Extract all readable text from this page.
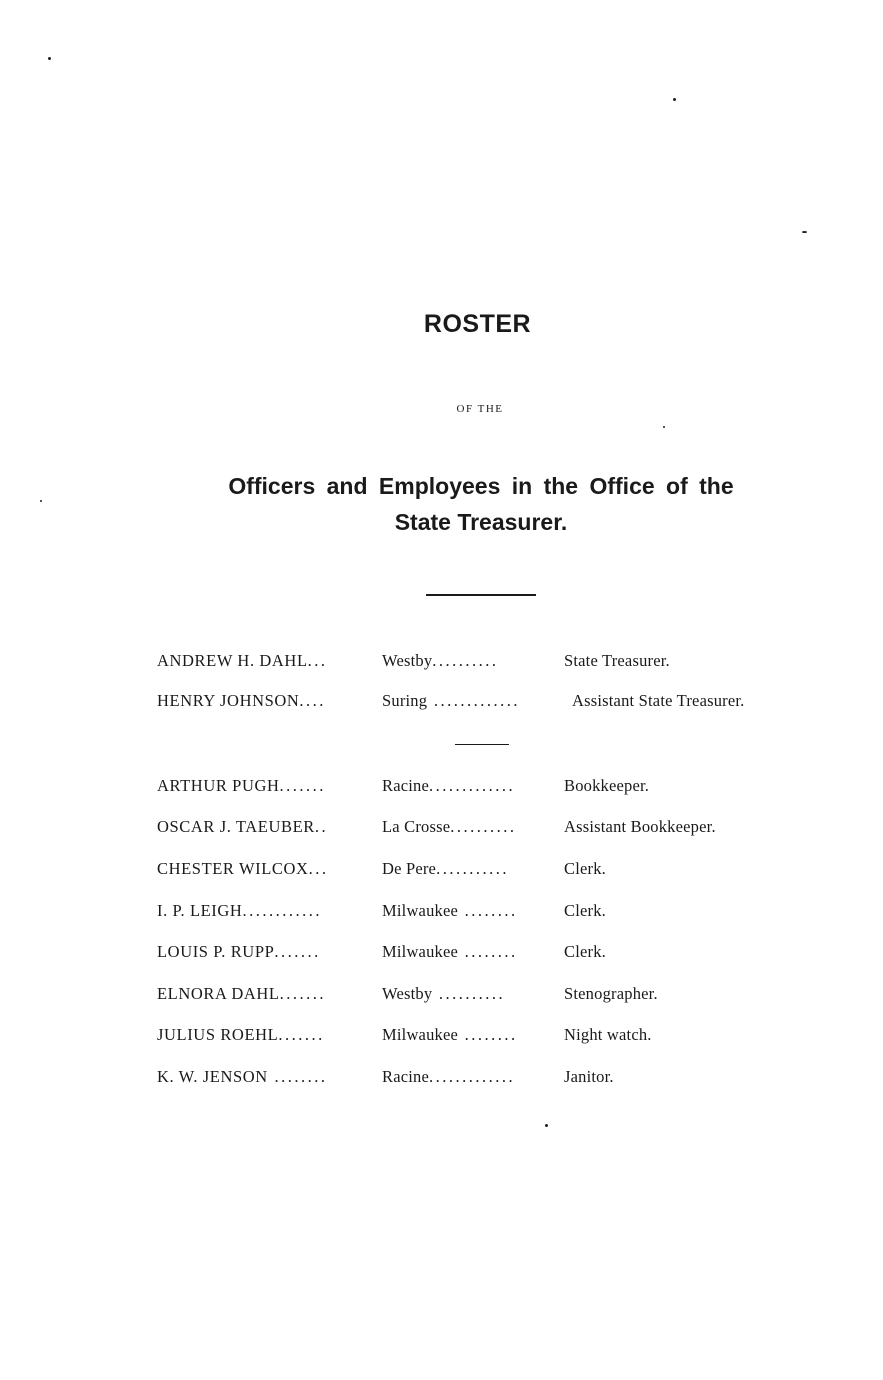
ROSTER
OF THE
Officers and Employees in the Office of the
State Treasurer.
ANDREW H. DAHL...	Westby..........	State Treasurer.
HENRY JOHNSON....	Suring .............	Assistant State Treasurer.
ARTHUR PUGH.......	Racine.............	Bookkeeper.
OSCAR J. TAEUBER..	La Crosse..........	Assistant Bookkeeper.
CHESTER WILCOX...	De Pere...........	Clerk.
I. P. LEIGH............	Milwaukee ........	Clerk.
LOUIS P. RUPP.......	Milwaukee ........	Clerk.
ELNORA DAHL.......	Westby ..........	Stenographer.
JULIUS ROEHL.......	Milwaukee ........	Night watch.
K. W. JENSON ........	Racine.............	Janitor.
